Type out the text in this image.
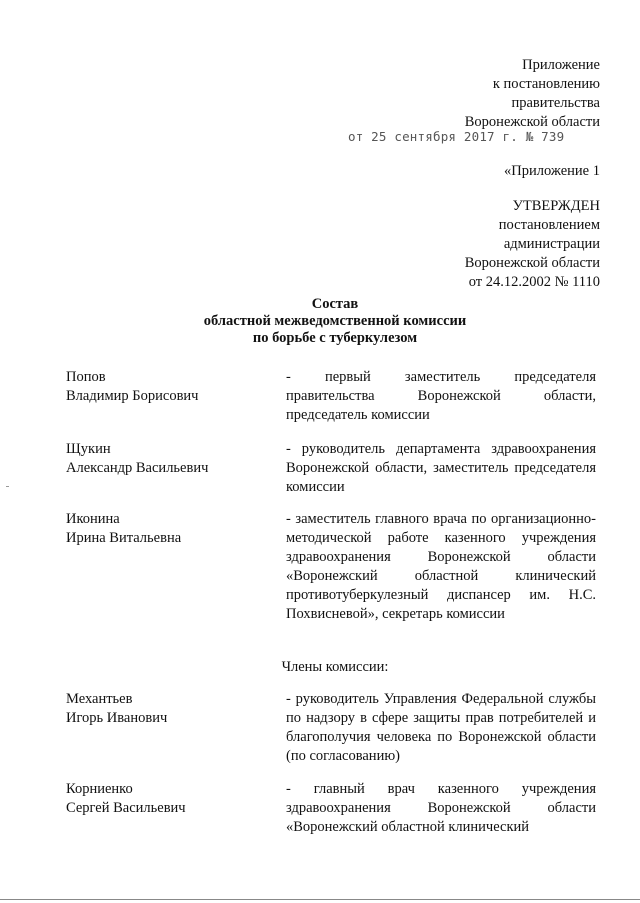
Приложение
к постановлению
правительства
Воронежской области
от 25 сентября 2017 г. № 739
«Приложение 1
УТВЕРЖДЕН
постановлением
администрации
Воронежской области
от 24.12.2002 № 1110
Состав
областной межведомственной комиссии
по борьбе с туберкулезом
Попов
Владимир Борисович
- первый заместитель председателя правительства Воронежской области, председатель комиссии
Щукин
Александр Васильевич
- руководитель департамента здравоохранения Воронежской области, заместитель председателя комиссии
Иконина
Ирина Витальевна
- заместитель главного врача по организационно-методической работе казенного учреждения здравоохранения Воронежской области «Воронежский областной клинический противотуберкулезный диспансер им. Н.С. Похвисневой», секретарь комиссии
Члены комиссии:
Механтьев
Игорь Иванович
- руководитель Управления Федеральной службы по надзору в сфере защиты прав потребителей и благополучия человека по Воронежской области (по согласованию)
Корниенко
Сергей Васильевич
- главный врач казенного учреждения здравоохранения Воронежской области «Воронежский областной клинический
